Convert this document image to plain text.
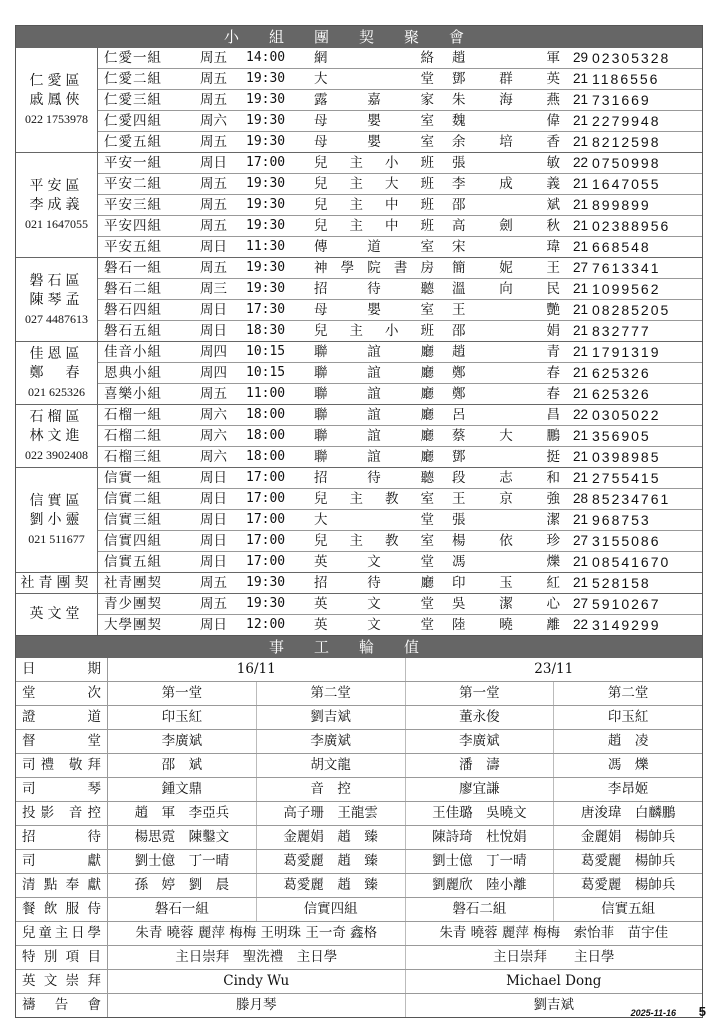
小組團契聚會
仁愛區
戚鳳俠
022 1753978
仁愛一組	周五	14:00	網絡	趙　軍 29 02305328
仁愛二組	周五	19:30	大堂	鄧群英 21 1186556
仁愛三組	周五	19:30	露嘉家	朱海燕 21 731669
仁愛四組	周六	19:30	母嬰室	魏　偉 21 2279948
仁愛五組	周五	19:30	母嬰室	余培香 21 8212598
平安區
李成義
021 1647055
平安一組	周日	17:00	兒主小班	張　敏 22 0750998
平安二組	周五	19:30	兒主大班	李成義 21 1647055
平安三組	周五	19:30	兒主中班	邵　斌 21 899899
平安四組	周五	19:30	兒主中班	高劍秋 21 02388956
平安五組	周日	11:30	傳道室	宋　瑋 21 668548
磐石區
陳琴孟
027 4487613
磐石一組	周五	19:30	神學院書房	簡妮王 27 7613341
磐石二組	周三	19:30	招待聽	溫向民 21 1099562
磐石四組	周日	17:30	母嬰室	王　艷 21 08285205
磐石五組	周日	18:30	兒主小班	邵　娟 21 832777
佳恩區
鄭　春
021 625326
佳音小組	周四	10:15	聯誼廳	趙　青 21 1791319
恩典小組	周四	10:15	聯誼廳	鄭　春 21 625326
喜樂小組	周五	11:00	聯誼廳	鄭　春 21 625326
石榴區
林文進
022 3902408
石榴一組	周六	18:00	聯誼廳	呂　昌 22 0305022
石榴二組	周六	18:00	聯誼廳	蔡大鵬 21 356905
石榴三組	周六	18:00	聯誼廳	鄧　挺 21 0398985
信實區
劉小靈
021 511677
信實一組	周日	17:00	招待聽	段志和 21 2755415
信實二組	周日	17:00	兒主教室	王京強 28 85234761
信實三組	周日	17:00	大堂	張　潔 21 968753
信實四組	周日	17:00	兒主教室	楊依珍 27 3155086
信實五組	周日	17:00	英文堂	馮　爍 21 08541670
社青團契 社青團契	周五	19:30	招待廳	印玉紅 21 528158
英文堂
青少團契	周五	19:30	英文堂	吳潔心 27 5910267
大學團契	周日	12:00	英文堂	陸曉離 22 3149299
事工輪值
日　期	16/11	23/11
堂次	第一堂	第二堂	第一堂	第二堂
證道	印玉紅	劉吉斌	董永俊	印玉紅
督堂	李廣斌	李廣斌	李廣斌	趙　凌
司禮 敬拜	邵　斌	胡文龍	潘　濤	馮　爍
司琴	鍾文鼎	音　控	廖宜謙	李昂姬
投影 音控	趙　軍　李亞兵	高子珊　王龍雲	王佳璐　吳曉文	唐浚瑋　白麟鵬
招待	楊思霓　陳鑿文	金麗娟　趙　臻	陳詩琦　杜悅娟	金麗娟　楊帥兵
司獻	劉士億　丁一晴	葛愛麗　趙　臻	劉士億　丁一晴	葛愛麗　楊帥兵
清點奉獻	孫　婷　劉　晨	葛愛麗　趙　臻	劉麗欣　陸小離	葛愛麗　楊帥兵
餐飲服侍	磐石一組	信實四組	磐石二組	信實五組
兒童主日學	朱青 曉蓉 麗萍 梅梅 王明珠 王一奇 鑫格	朱青 曉蓉 麗萍 梅梅　索怡菲　苗宇佳
特別項目	主日崇拜　聖洗禮　主日學	主日崇拜　　主日學
英文崇拜	Cindy Wu	Michael Dong
禱告會	滕月琴	劉吉斌	2025-11-16 5
